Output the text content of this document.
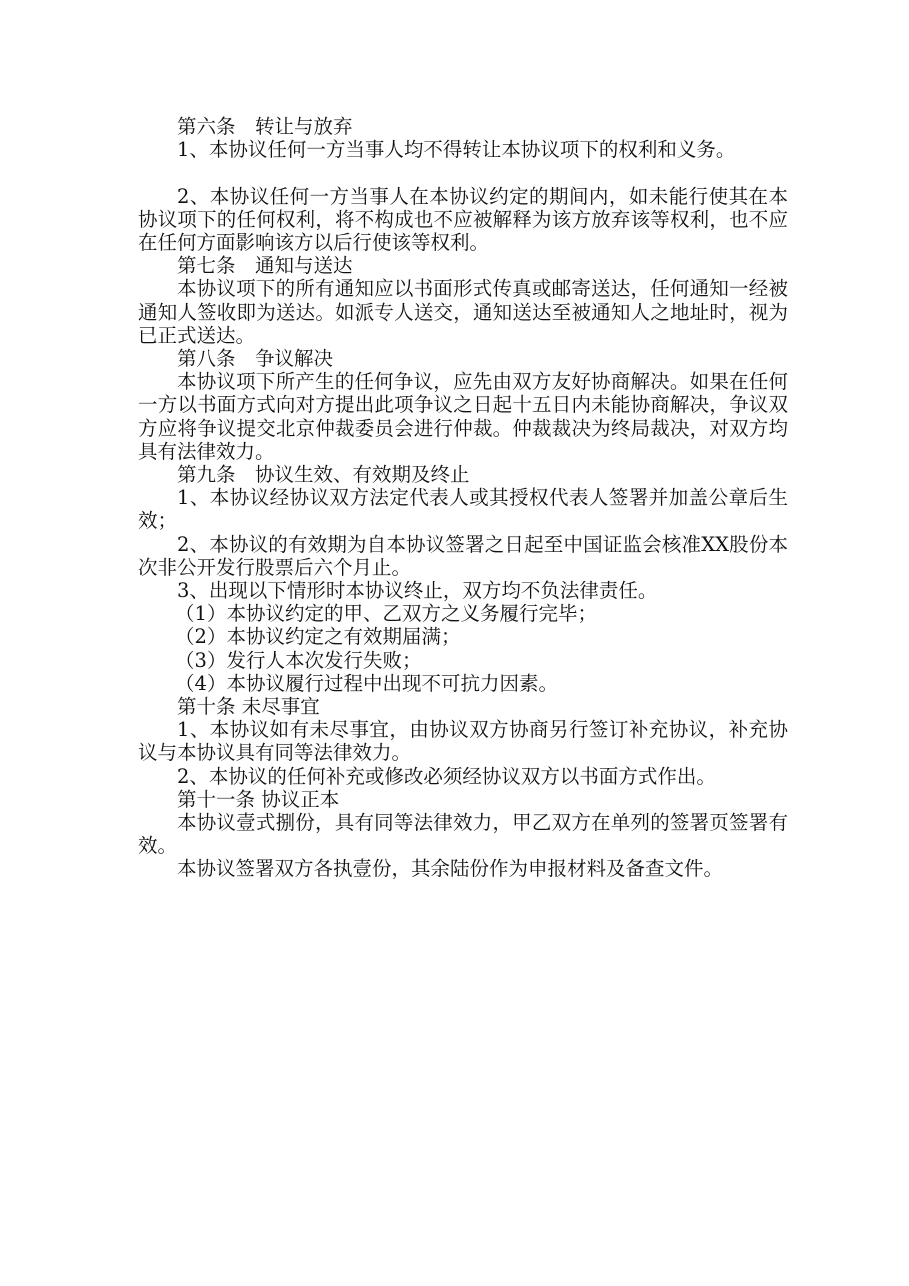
第六条　转让与放弃

1、本协议任何一方当事人均不得转让本协议项下的权利和义务。

2、本协议任何一方当事人在本协议约定的期间内，如未能行使其在本协议项下的任何权利，将不构成也不应被解释为该方放弃该等权利，也不应在任何方面影响该方以后行使该等权利。

第七条　通知与送达

本协议项下的所有通知应以书面形式传真或邮寄送达，任何通知一经被通知人签收即为送达。如派专人送交，通知送达至被通知人之地址时，视为已正式送达。

第八条　争议解决

本协议项下所产生的任何争议，应先由双方友好协商解决。如果在任何一方以书面方式向对方提出此项争议之日起十五日内未能协商解决，争议双方应将争议提交北京仲裁委员会进行仲裁。仲裁裁决为终局裁决，对双方均具有法律效力。

第九条　协议生效、有效期及终止

1、本协议经协议双方法定代表人或其授权代表人签署并加盖公章后生效；

2、本协议的有效期为自本协议签署之日起至中国证监会核准XX股份本次非公开发行股票后六个月止。

3、出现以下情形时本协议终止，双方均不负法律责任。

（1）本协议约定的甲、乙双方之义务履行完毕；
（2）本协议约定之有效期届满；
（3）发行人本次发行失败；
（4）本协议履行过程中出现不可抗力因素。
第十条 未尽事宜

1、本协议如有未尽事宜，由协议双方协商另行签订补充协议，补充协议与本协议具有同等法律效力。

2、本协议的任何补充或修改必须经协议双方以书面方式作出。

第十一条 协议正本

本协议壹式捌份，具有同等法律效力，甲乙双方在单列的签署页签署有效。

本协议签署双方各执壹份，其余陆份作为申报材料及备查文件。
